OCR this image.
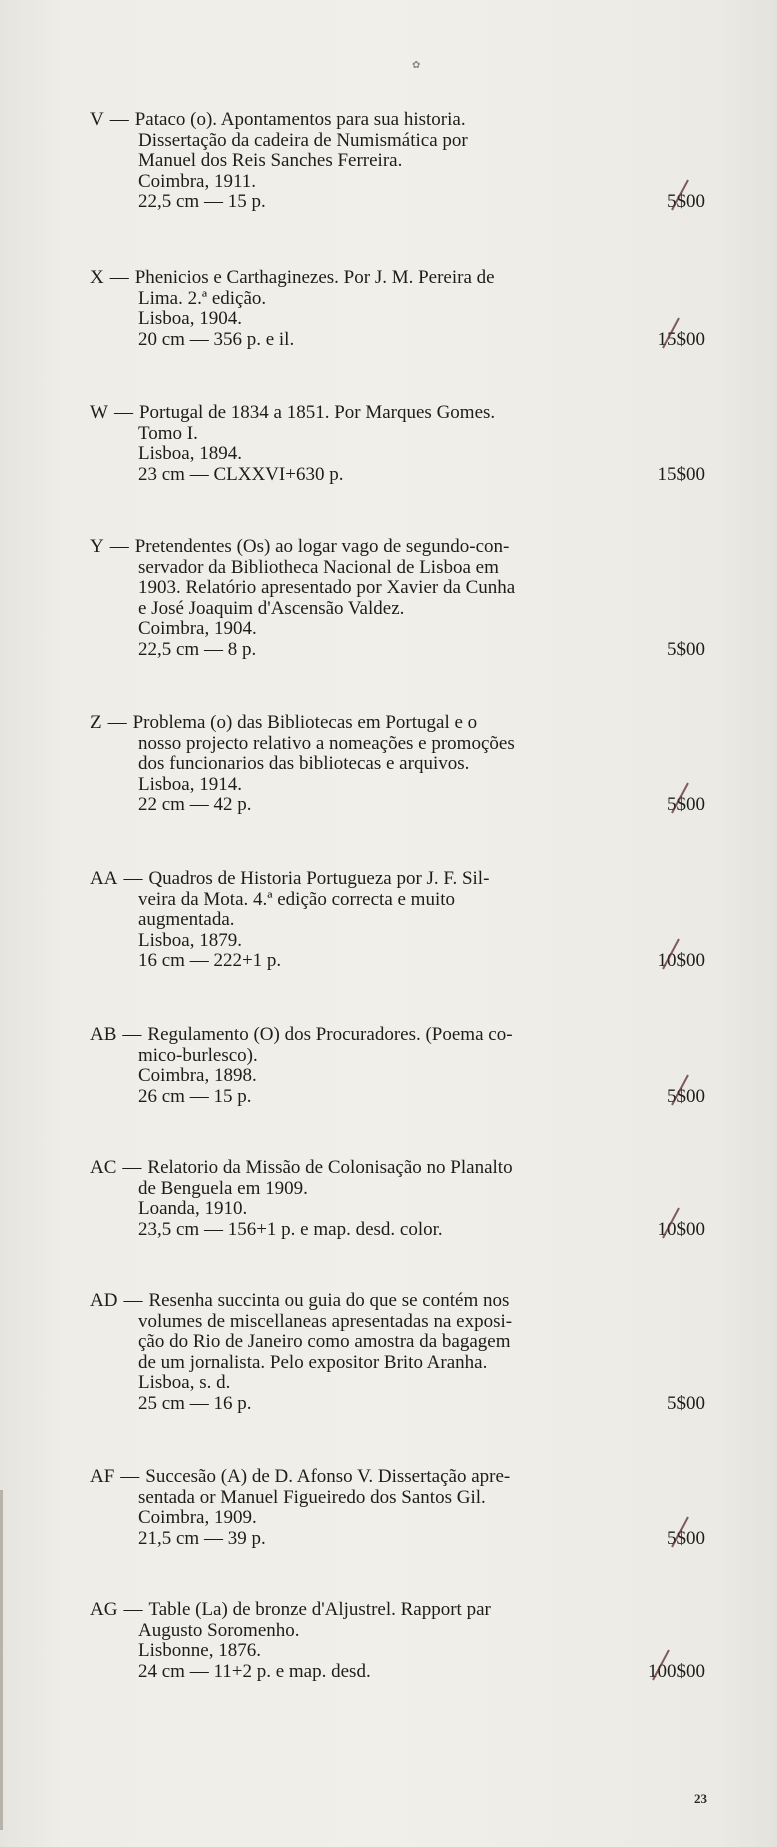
✿
V — Pataco (o). Apontamentos para sua historia.
Dissertação da cadeira de Numismática por
Manuel dos Reis Sanches Ferreira.
Coimbra, 1911.
22,5 cm — 15 p.	5$00
X — Phenicios e Carthaginezes. Por J. M. Pereira de
Lima. 2.ª edição.
Lisboa, 1904.
20 cm — 356 p. e il.	15$00
W — Portugal de 1834 a 1851. Por Marques Gomes.
Tomo I.
Lisboa, 1894.
23 cm — CLXXVI+630 p.	15$00
Y — Pretendentes (Os) ao logar vago de segundo-con-
servador da Bibliotheca Nacional de Lisboa em
1903. Relatório apresentado por Xavier da Cunha
e José Joaquim d'Ascensão Valdez.
Coimbra, 1904.
22,5 cm — 8 p.	5$00
Z — Problema (o) das Bibliotecas em Portugal e o
nosso projecto relativo a nomeações e promoções
dos funcionarios das bibliotecas e arquivos.
Lisboa, 1914.
22 cm — 42 p.	5$00
AA — Quadros de Historia Portugueza por J. F. Sil-
veira da Mota. 4.ª edição correcta e muito
augmentada.
Lisboa, 1879.
16 cm — 222+1 p.	10$00
AB — Regulamento (O) dos Procuradores. (Poema co-
mico-burlesco).
Coimbra, 1898.
26 cm — 15 p.	5$00
AC — Relatorio da Missão de Colonisação no Planalto
de Benguela em 1909.
Loanda, 1910.
23,5 cm — 156+1 p. e map. desd. color.	10$00
AD — Resenha succinta ou guia do que se contém nos
volumes de miscellaneas apresentadas na exposi-
ção do Rio de Janeiro como amostra da bagagem
de um jornalista. Pelo expositor Brito Aranha.
Lisboa, s. d.
25 cm — 16 p.	5$00
AF — Succesão (A) de D. Afonso V. Dissertação apre-
sentada or Manuel Figueiredo dos Santos Gil.
Coimbra, 1909.
21,5 cm — 39 p.	5$00
AG — Table (La) de bronze d'Aljustrel. Rapport par
Augusto Soromenho.
Lisbonne, 1876.
24 cm — 11+2 p. e map. desd.	100$00
23
